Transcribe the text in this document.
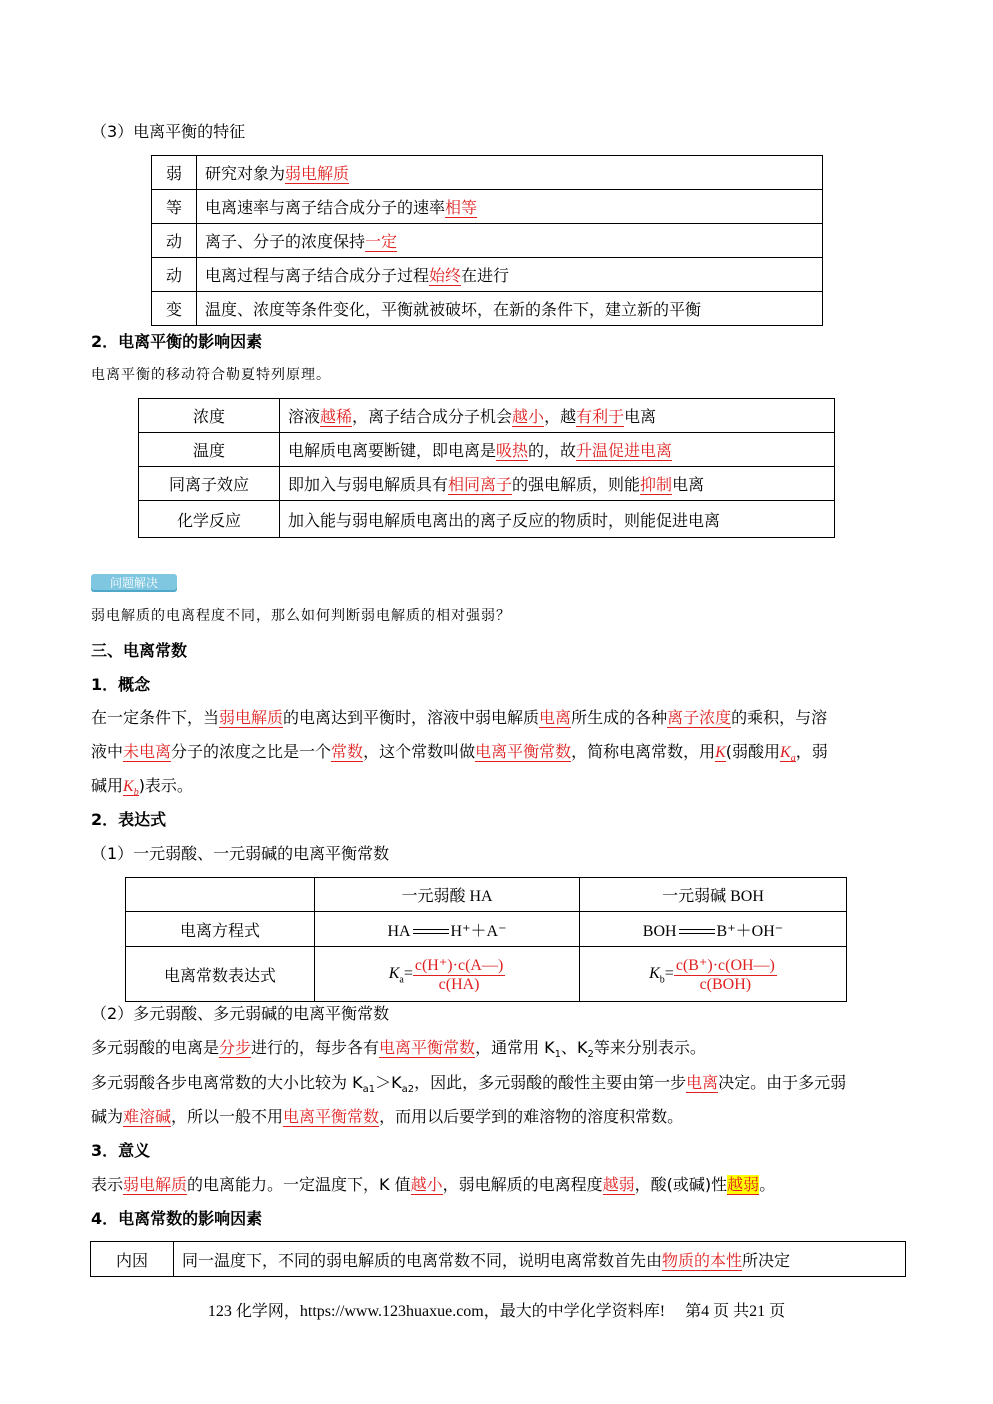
（3）电离平衡的特征
弱	研究对象为弱电解质
等	电离速率与离子结合成分子的速率相等
动	离子、分子的浓度保持一定
动	电离过程与离子结合成分子过程始终在进行
变	温度、浓度等条件变化，平衡就被破坏，在新的条件下，建立新的平衡
2．电离平衡的影响因素
电离平衡的移动符合勒夏特列原理。
浓度	溶液越稀，离子结合成分子机会越小，越有利于电离
温度	电解质电离要断键，即电离是吸热的，故升温促进电离
同离子效应	即加入与弱电解质具有相同离子的强电解质，则能抑制电离
化学反应	加入能与弱电解质电离出的离子反应的物质时，则能促进电离
问题解决
弱电解质的电离程度不同，那么如何判断弱电解质的相对强弱？
三、电离常数
1．概念
在一定条件下，当弱电解质的电离达到平衡时，溶液中弱电解质电离所生成的各种离子浓度的乘积，与溶
液中未电离分子的浓度之比是一个常数，这个常数叫做电离平衡常数，简称电离常数，用K(弱酸用$K_a$，弱
碱用$K_b$)表示。
2．表达式
（1）一元弱酸、一元弱碱的电离平衡常数
	一元弱酸 HA	一元弱碱 BOH
电离方程式	HA H⁺＋A⁻	BOH B⁺＋OH⁻
电离常数表达式	$K_a= \frac{c(H^+)\cdot c(A—)}{c(HA)}$	$K_b= \frac{c(B^+)\cdot c(OH—)}{\text{c(BOH)}}$
（2）多元弱酸、多元弱碱的电离平衡常数
多元弱酸的电离是分步进行的，每步各有电离平衡常数，通常用 $K_1$、$K_2$等来分别表示。
多元弱酸各步电离常数的大小比较为 $K_{a1}>K_{a2}$，因此，多元弱酸的酸性主要由第一步电离决定。由于多元弱
碱为难溶碱，所以一般不用电离平衡常数，而用以后要学到的难溶物的溶度积常数。
3．意义
表示弱电解质的电离能力。一定温度下，K 值越小，弱电解质的电离程度越弱，酸(或碱)性越弱。
4．电离常数的影响因素
内因	同一温度下，不同的弱电解质的电离常数不同，说明电离常数首先由物质的本性所决定
123 化学网，https://www.123huaxue.com，最大的中学化学资料库!　 第4 页 共21 页
